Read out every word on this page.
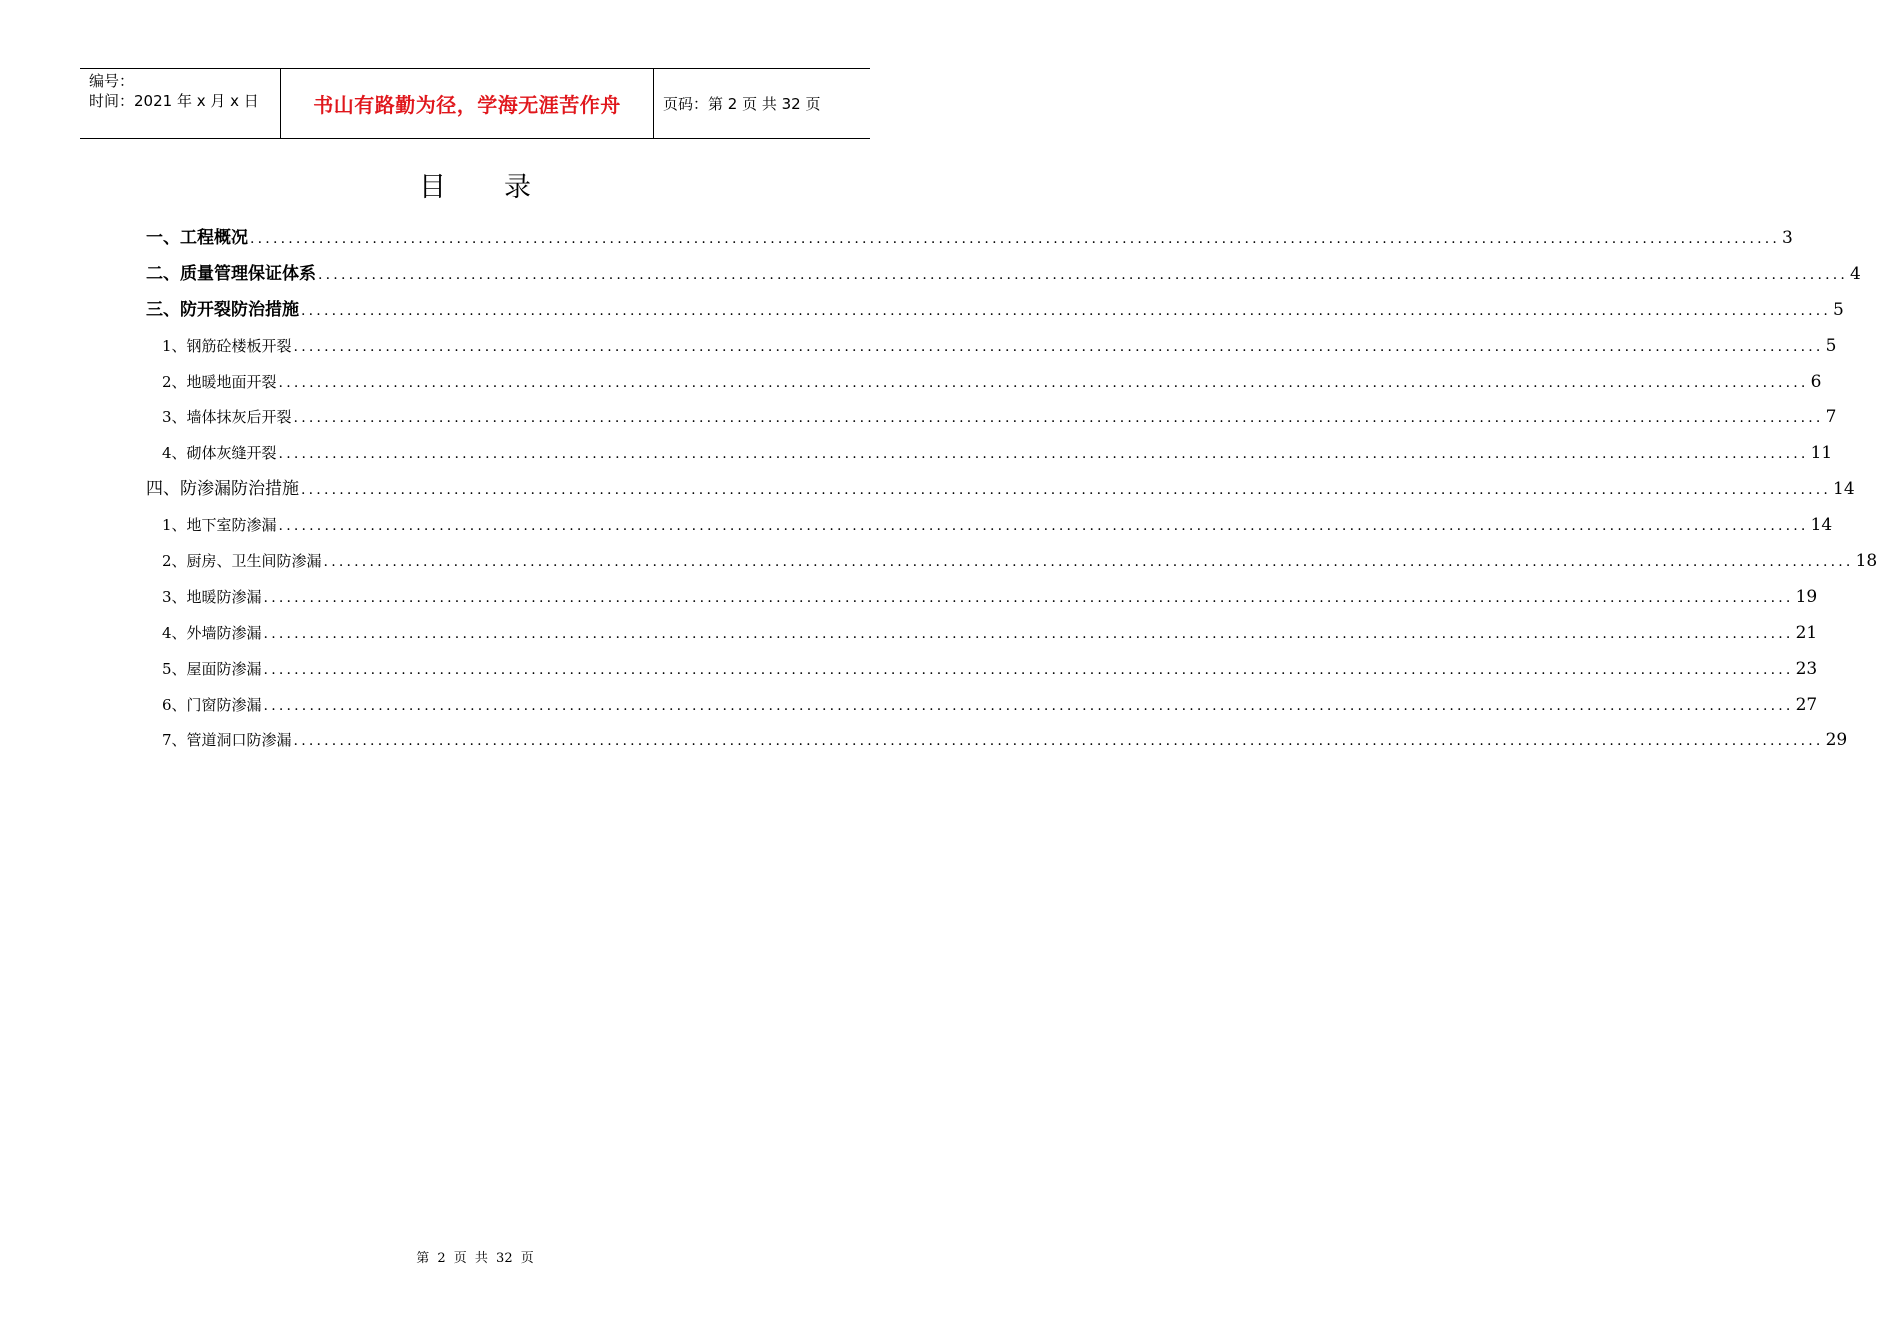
编号：
时间：2021 年 x 月 x 日	书山有路勤为径，学海无涯苦作舟	页码：第 2 页 共 32 页
目录
一、工程概况 ........................................................................................................................................................................................................ 3
二、质量管理保证体系 ........................................................................................................................................................................................................ 4
三、防开裂防治措施 ........................................................................................................................................................................................................ 5
1、钢筋砼楼板开裂 ........................................................................................................................................................................................................ 5
2、地暖地面开裂 ........................................................................................................................................................................................................ 6
3、墙体抹灰后开裂 ........................................................................................................................................................................................................ 7
4、砌体灰缝开裂 ........................................................................................................................................................................................................ 11
四、防渗漏防治措施 ........................................................................................................................................................................................................ 14
1、地下室防渗漏 ........................................................................................................................................................................................................ 14
2、厨房、卫生间防渗漏 ........................................................................................................................................................................................................ 18
3、地暖防渗漏 ........................................................................................................................................................................................................ 19
4、外墙防渗漏 ........................................................................................................................................................................................................ 21
5、屋面防渗漏 ........................................................................................................................................................................................................ 23
6、门窗防渗漏 ........................................................................................................................................................................................................ 27
7、管道洞口防渗漏 ........................................................................................................................................................................................................ 29
第 2 页 共 32 页
